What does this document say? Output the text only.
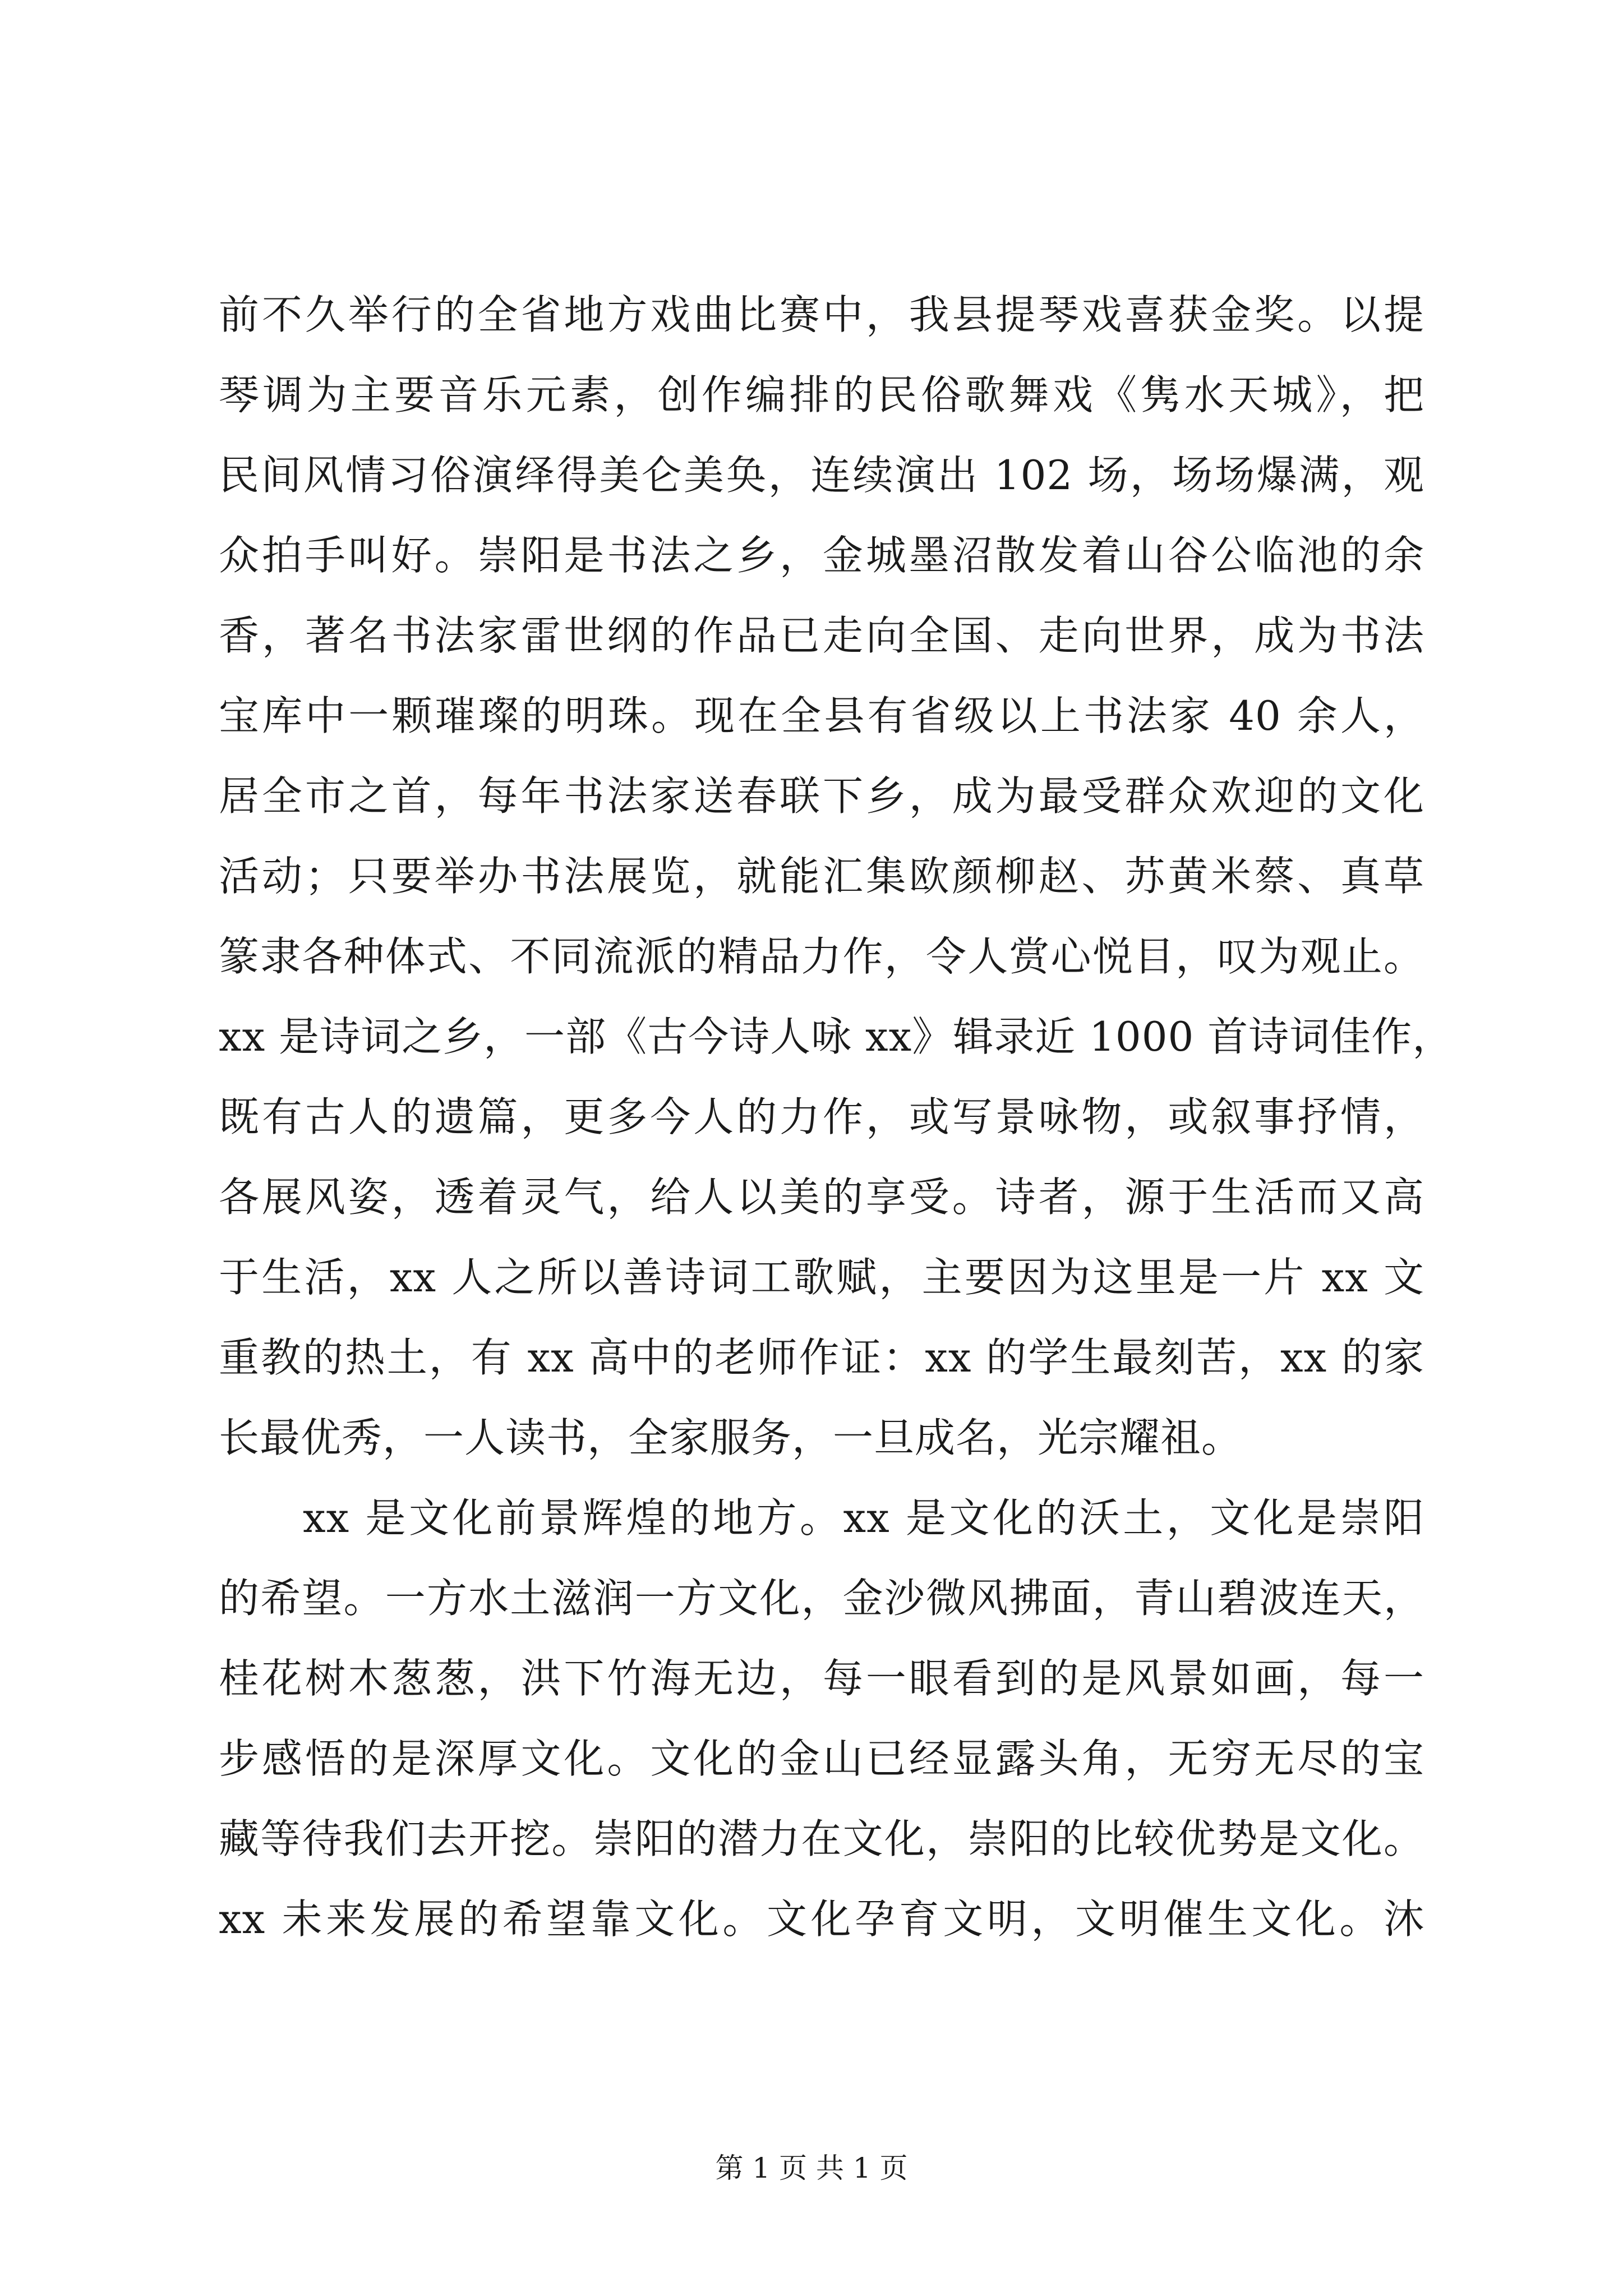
前不久举行的全省地方戏曲比赛中，我县提琴戏喜获金奖。以提
琴调为主要音乐元素，创作编排的民俗歌舞戏《隽水天城》，把
民间风情习俗演绎得美仑美奂，连续演出 102 场，场场爆满，观
众拍手叫好。崇阳是书法之乡，金城墨沼散发着山谷公临池的余
香，著名书法家雷世纲的作品已走向全国、走向世界，成为书法
宝库中一颗璀璨的明珠。现在全县有省级以上书法家 40 余人，
居全市之首，每年书法家送春联下乡，成为最受群众欢迎的文化
活动；只要举办书法展览，就能汇集欧颜柳赵、苏黄米蔡、真草
篆隶各种体式、不同流派的精品力作，令人赏心悦目，叹为观止。
xx 是诗词之乡，一部《古今诗人咏 xx》辑录近 1000 首诗词佳作，
既有古人的遗篇，更多今人的力作，或写景咏物，或叙事抒情，
各展风姿，透着灵气，给人以美的享受。诗者，源于生活而又高
于生活，xx 人之所以善诗词工歌赋，主要因为这里是一片 xx 文
重教的热土，有 xx 高中的老师作证：xx 的学生最刻苦，xx 的家
长最优秀，一人读书，全家服务，一旦成名，光宗耀祖。
xx 是文化前景辉煌的地方。xx 是文化的沃土，文化是崇阳
的希望。一方水土滋润一方文化，金沙微风拂面，青山碧波连天，
桂花树木葱葱，洪下竹海无边，每一眼看到的是风景如画，每一
步感悟的是深厚文化。文化的金山已经显露头角，无穷无尽的宝
藏等待我们去开挖。崇阳的潜力在文化，崇阳的比较优势是文化。
xx 未来发展的希望靠文化。文化孕育文明，文明催生文化。沐
第 1 页 共 1 页
